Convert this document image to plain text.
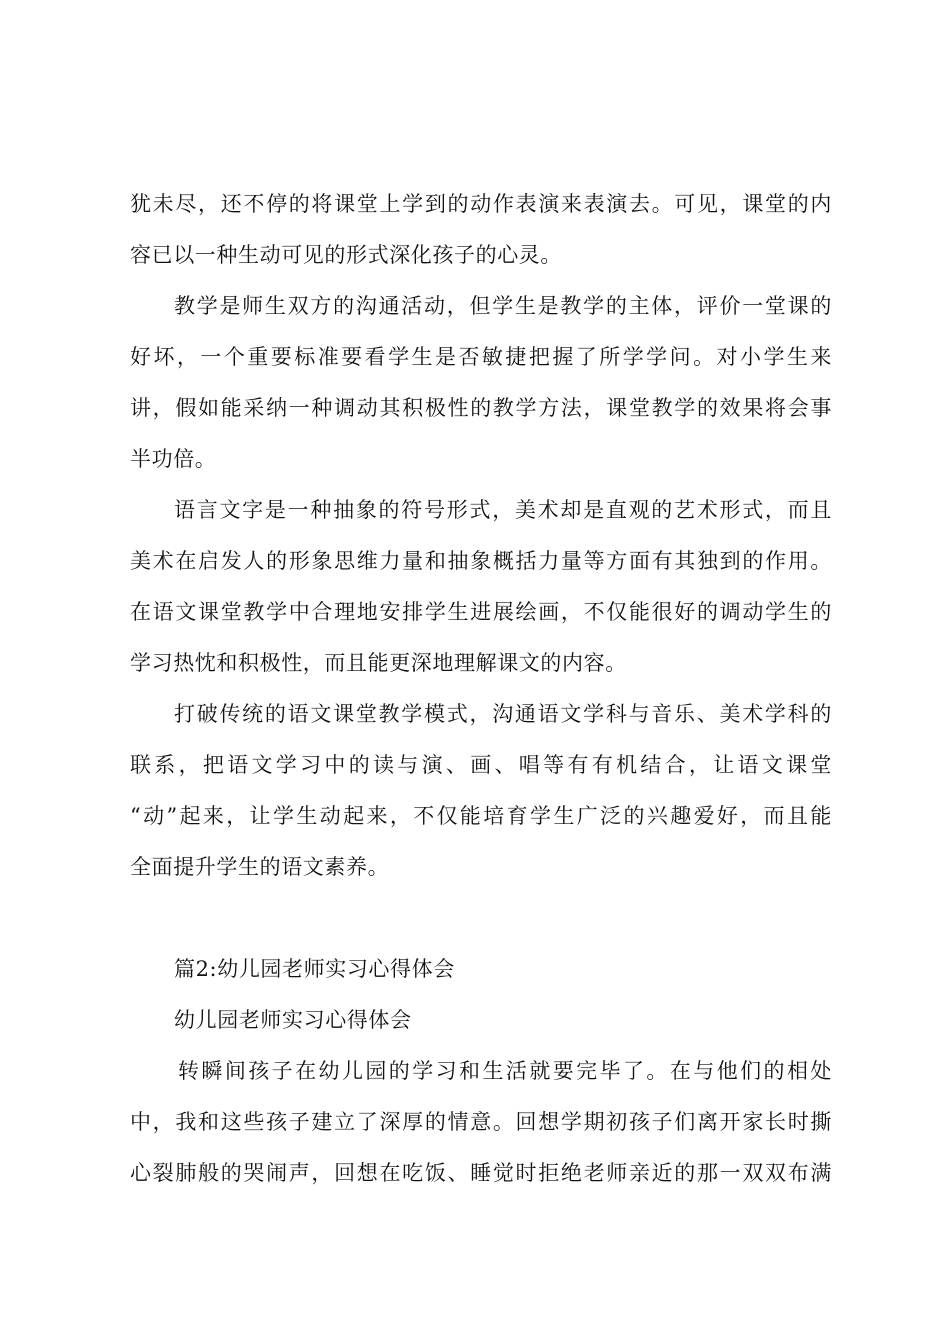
犹未尽，还不停的将课堂上学到的动作表演来表演去。可见，课堂的内
容已以一种生动可见的形式深化孩子的心灵。
教学是师生双方的沟通活动，但学生是教学的主体，评价一堂课的
好坏，一个重要标准要看学生是否敏捷把握了所学学问。对小学生来
讲，假如能采纳一种调动其积极性的教学方法，课堂教学的效果将会事
半功倍。
语言文字是一种抽象的符号形式，美术却是直观的艺术形式，而且
美术在启发人的形象思维力量和抽象概括力量等方面有其独到的作用。
在语文课堂教学中合理地安排学生进展绘画，不仅能很好的调动学生的
学习热忱和积极性，而且能更深地理解课文的内容。
打破传统的语文课堂教学模式，沟通语文学科与音乐、美术学科的
联系，把语文学习中的读与演、画、唱等有有机结合，让语文课堂
“动”起来，让学生动起来，不仅能培育学生广泛的兴趣爱好，而且能
全面提升学生的语文素养。
篇2:幼儿园老师实习心得体会
幼儿园老师实习心得体会
转瞬间孩子在幼儿园的学习和生活就要完毕了。在与他们的相处
中，我和这些孩子建立了深厚的情意。回想学期初孩子们离开家长时撕
心裂肺般的哭闹声，回想在吃饭、睡觉时拒绝老师亲近的那一双双布满
